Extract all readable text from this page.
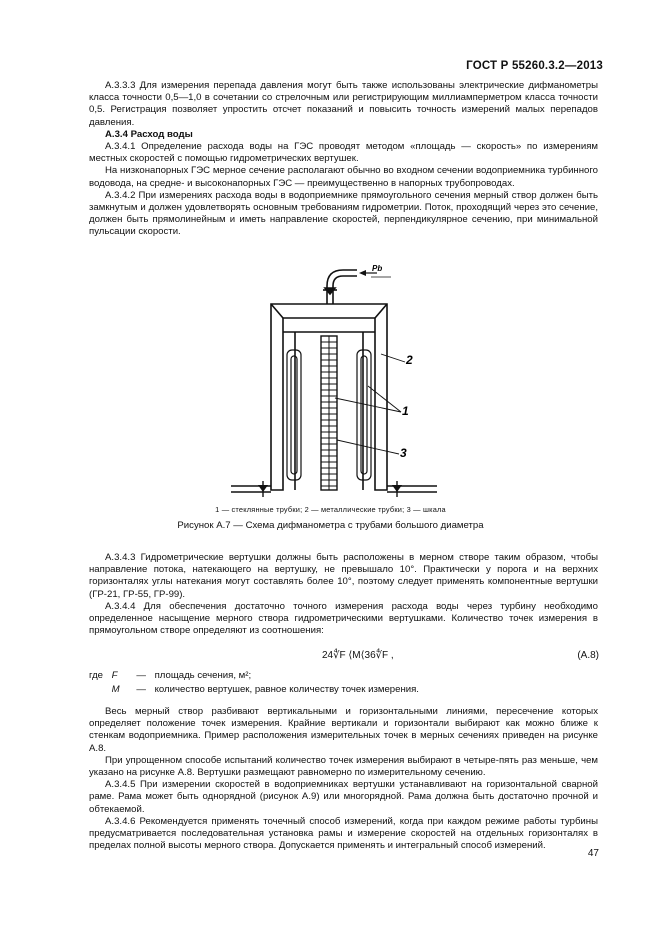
ГОСТ Р 55260.3.2—2013

А.3.3.3 Для измерения перепада давления могут быть также использованы электрические дифманометры класса точности 0,5—1,0 в сочетании со стрелочным или регистрирующим миллиамперметром класса точности 0,5. Регистрация позволяет упростить отсчет показаний и повысить точность измерений малых перепадов давления.

А.3.4 Расход воды

А.3.4.1 Определение расхода воды на ГЭС проводят методом «площадь — скорость» по измерениям местных скоростей с помощью гидрометрических вертушек.

На низконапорных ГЭС мерное сечение располагают обычно во входном сечении водоприемника турбинного водовода, на средне- и высоконапорных ГЭС — преимущественно в напорных трубопроводах.

А.3.4.2 При измерениях расхода воды в водоприемнике прямоугольного сечения мерный створ должен быть замкнутым и должен удовлетворять основным требованиям гидрометрии. Поток, проходящий через это сечение, должен быть прямолинейным и иметь направление скоростей, перпендикулярное сечению, при минимальной пульсации скорости.

Pb
2
1
3
1 — стеклянные трубки; 2 — металлические трубки; 3 — шкала
Рисунок А.7 — Схема дифманометра с трубами большого диаметра

А.3.4.3 Гидрометрические вертушки должны быть расположены в мерном створе таким образом, чтобы направление потока, натекающего на вертушку, не превышало 10°. Практически у порога и на верхних горизонталях углы натекания могут составлять более 10°, поэтому следует применять компонентные вертушки (ГР-21, ГР-55, ГР-99).

А.3.4.4 Для обеспечения достаточно точного измерения расхода воды через турбину необходимо определенное насыщение мерного створа гидрометрическими вертушками. Количество точек измерения в прямоугольном створе определяют из соотношения:

24∜F ⟨M⟨36∜F ,	(А.8)
где F — площадь сечения, м²;
M — количество вертушек, равное количеству точек измерения.

Весь мерный створ разбивают вертикальными и горизонтальными линиями, пересечение которых определяет положение точек измерения. Крайние вертикали и горизонтали выбирают как можно ближе к стенкам водоприемника. Пример расположения измерительных точек в мерных сечениях приведен на рисунке А.8.

При упрощенном способе испытаний количество точек измерения выбирают в четыре-пять раз меньше, чем указано на рисунке А.8. Вертушки размещают равномерно по измерительному сечению.

А.3.4.5 При измерении скоростей в водоприемниках вертушки устанавливают на горизонтальной сварной раме. Рама может быть однорядной (рисунок А.9) или многорядной. Рама должна быть достаточно прочной и обтекаемой.

А.3.4.6 Рекомендуется применять точечный способ измерений, когда при каждом режиме работы турбины предусматривается последовательная установка рамы и измерение скоростей на отдельных горизонталях в пределах полной высоты мерного створа. Допускается применять и интегральный способ измерений.

47
